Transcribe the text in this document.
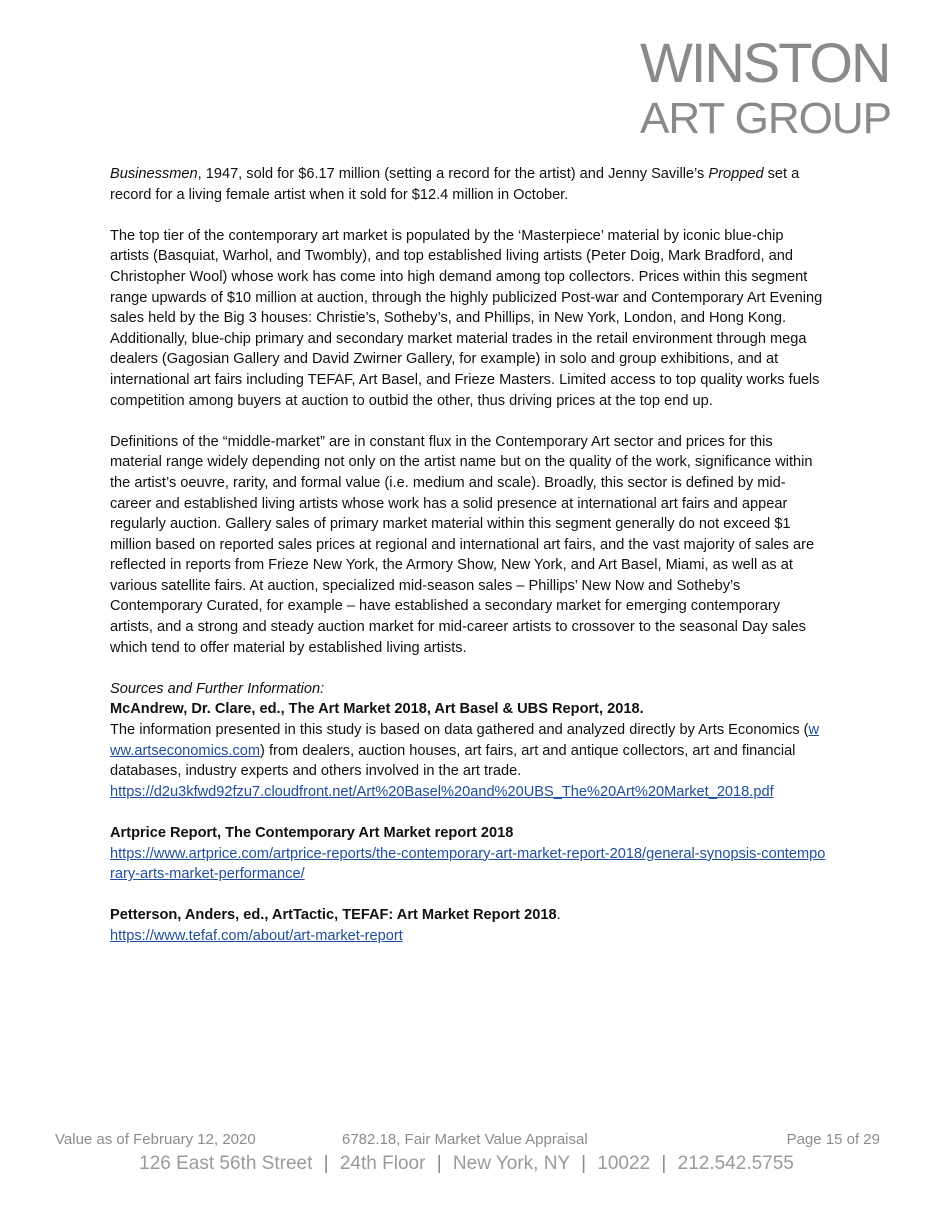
WINSTON
ART GROUP

Businessmen, 1947, sold for $6.17 million (setting a record for the artist) and Jenny Saville’s Propped set a record for a living female artist when it sold for $12.4 million in October.

The top tier of the contemporary art market is populated by the ‘Masterpiece’ material by iconic blue-chip artists (Basquiat, Warhol, and Twombly), and top established living artists (Peter Doig, Mark Bradford, and Christopher Wool) whose work has come into high demand among top collectors. Prices within this segment range upwards of $10 million at auction, through the highly publicized Post-war and Contemporary Art Evening sales held by the Big 3 houses: Christie’s, Sotheby’s, and Phillips, in New York, London, and Hong Kong. Additionally, blue-chip primary and secondary market material trades in the retail environment through mega dealers (Gagosian Gallery and David Zwirner Gallery, for example) in solo and group exhibitions, and at international art fairs including TEFAF, Art Basel, and Frieze Masters. Limited access to top quality works fuels competition among buyers at auction to outbid the other, thus driving prices at the top end up.

Definitions of the “middle-market” are in constant flux in the Contemporary Art sector and prices for this material range widely depending not only on the artist name but on the quality of the work, significance within the artist’s oeuvre, rarity, and formal value (i.e. medium and scale). Broadly, this sector is defined by mid-career and established living artists whose work has a solid presence at international art fairs and appear regularly auction. Gallery sales of primary market material within this segment generally do not exceed $1 million based on reported sales prices at regional and international art fairs, and the vast majority of sales are reflected in reports from Frieze New York, the Armory Show, New York, and Art Basel, Miami, as well as at various satellite fairs. At auction, specialized mid-season sales – Phillips’ New Now and Sotheby’s Contemporary Curated, for example – have established a secondary market for emerging contemporary artists, and a strong and steady auction market for mid-career artists to crossover to the seasonal Day sales which tend to offer material by established living artists.

Sources and Further Information:

McAndrew, Dr. Clare, ed., The Art Market 2018, Art Basel & UBS Report, 2018.

The information presented in this study is based on data gathered and analyzed directly by Arts Economics (www.artseconomics.com) from dealers, auction houses, art fairs, art and antique collectors, art and financial databases, industry experts and others involved in the art trade.

https://d2u3kfwd92fzu7.cloudfront.net/Art%20Basel%20and%20UBS_The%20Art%20Market_2018.pdf

Artprice Report, The Contemporary Art Market report 2018

https://www.artprice.com/artprice-reports/the-contemporary-art-market-report-2018/general-synopsis-contemporary-arts-market-performance/

Petterson, Anders, ed., ArtTactic, TEFAF: Art Market Report 2018.

https://www.tefaf.com/about/art-market-report

Value as of February 12, 2020	6782.18, Fair Market Value Appraisal	Page 15 of 29
126 East 56th Street | 24th Floor | New York, NY | 10022 | 212.542.5755
